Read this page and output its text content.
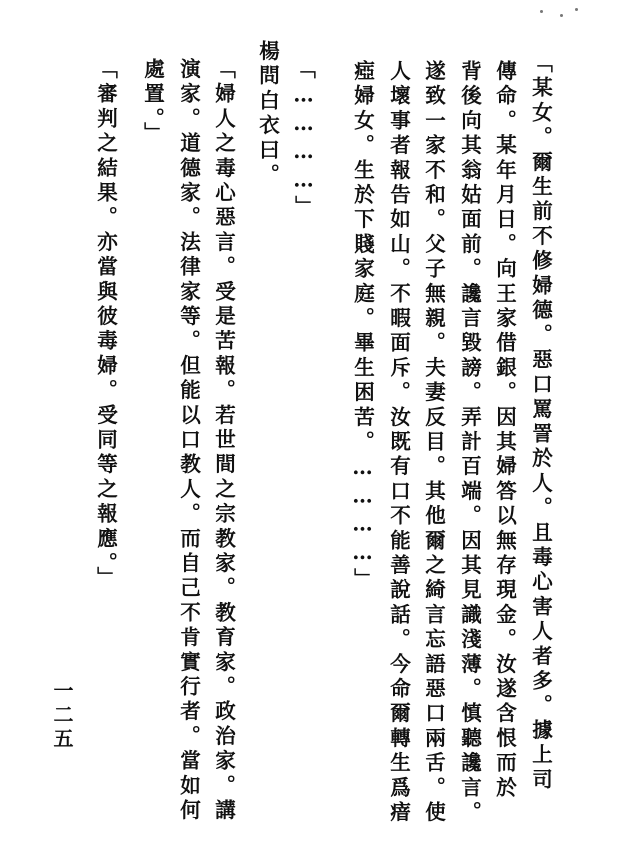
「某女。爾生前不修婦德。惡口罵詈於人。且毒心害人者多。據上司
傳命。某年月日。向王家借銀。因其婦答以無存現金。汝遂含恨而於
背後向其翁姑面前。讒言毀謗。弄計百端。因其見識淺薄。慎聽讒言。
遂致一家不和。父子無親。夫妻反目。其他爾之綺言忘語惡口兩舌。使
人壞事者報告如山。不暇面斥。汝既有口不能善說話。今命爾轉生爲瘖
瘂婦女。生於下賤家庭。畢生困苦。…………」
「…………」
楊問白衣曰。
「婦人之毒心惡言。受是苦報。若世間之宗教家。教育家。政治家。講
演家。道德家。法律家等。但能以口教人。而自己不肯實行者。當如何
處置。」
「審判之結果。亦當與彼毒婦。受同等之報應。」
一二五
